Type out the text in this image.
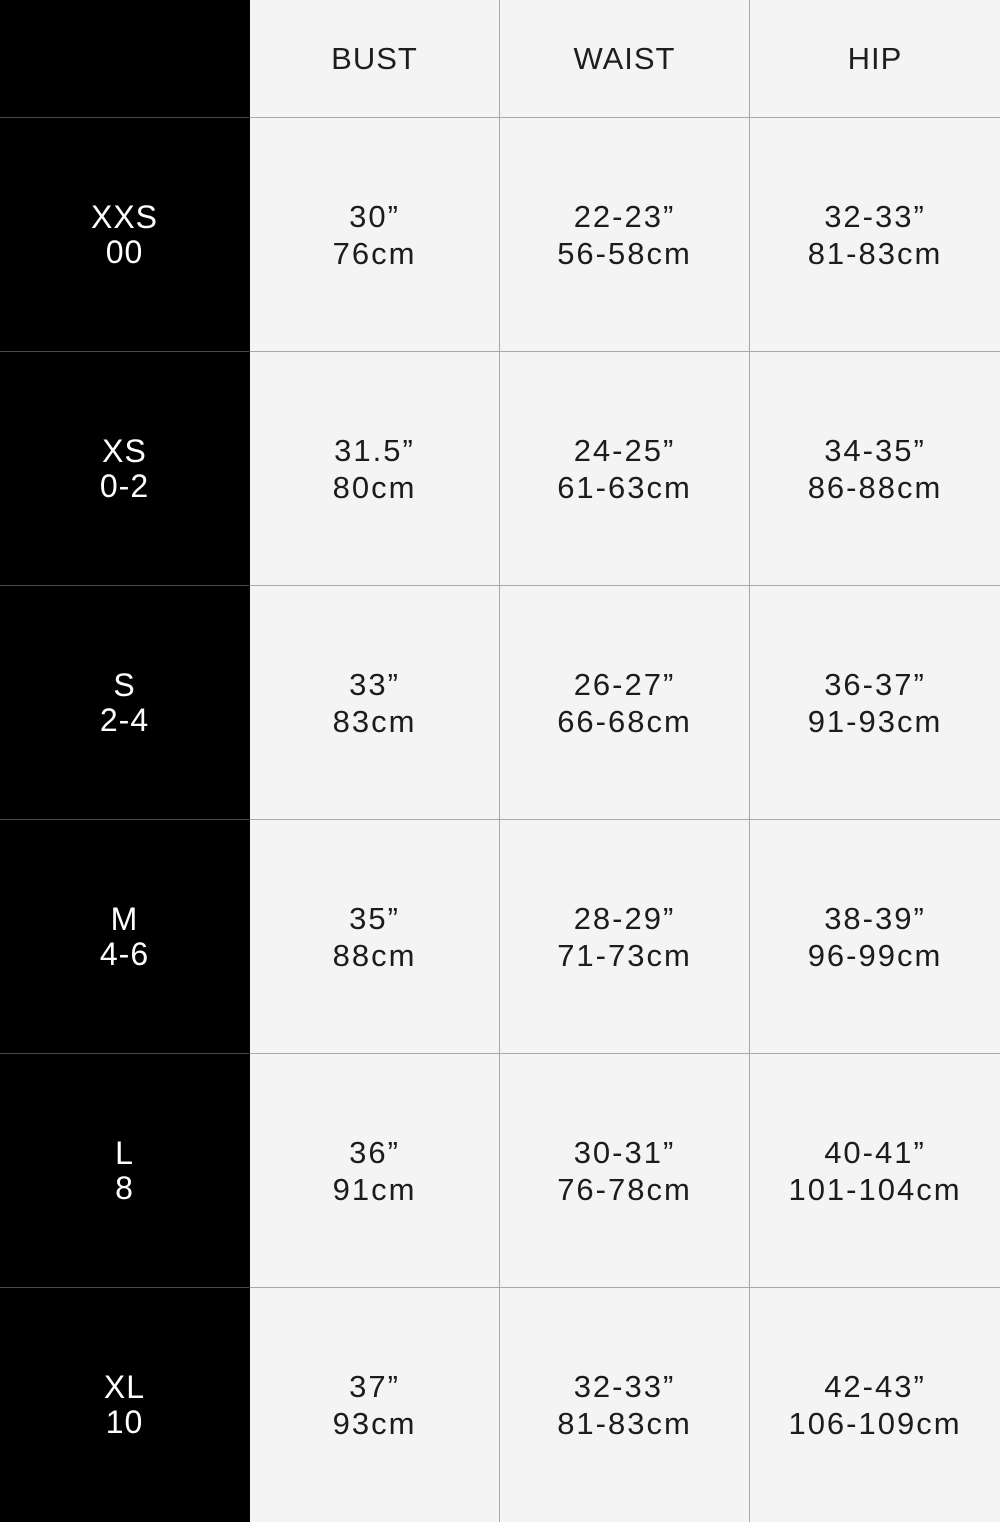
BUST	WAIST	HIP
XXS
00
30”
76cm
22-23”
56-58cm
32-33”
81-83cm
XS
0-2
31.5”
80cm
24-25”
61-63cm
34-35”
86-88cm
S
2-4
33”
83cm
26-27”
66-68cm
36-37”
91-93cm
M
4-6
35”
88cm
28-29”
71-73cm
38-39”
96-99cm
L
8
36”
91cm
30-31”
76-78cm
40-41”
101-104cm
XL
10
37”
93cm
32-33”
81-83cm
42-43”
106-109cm
